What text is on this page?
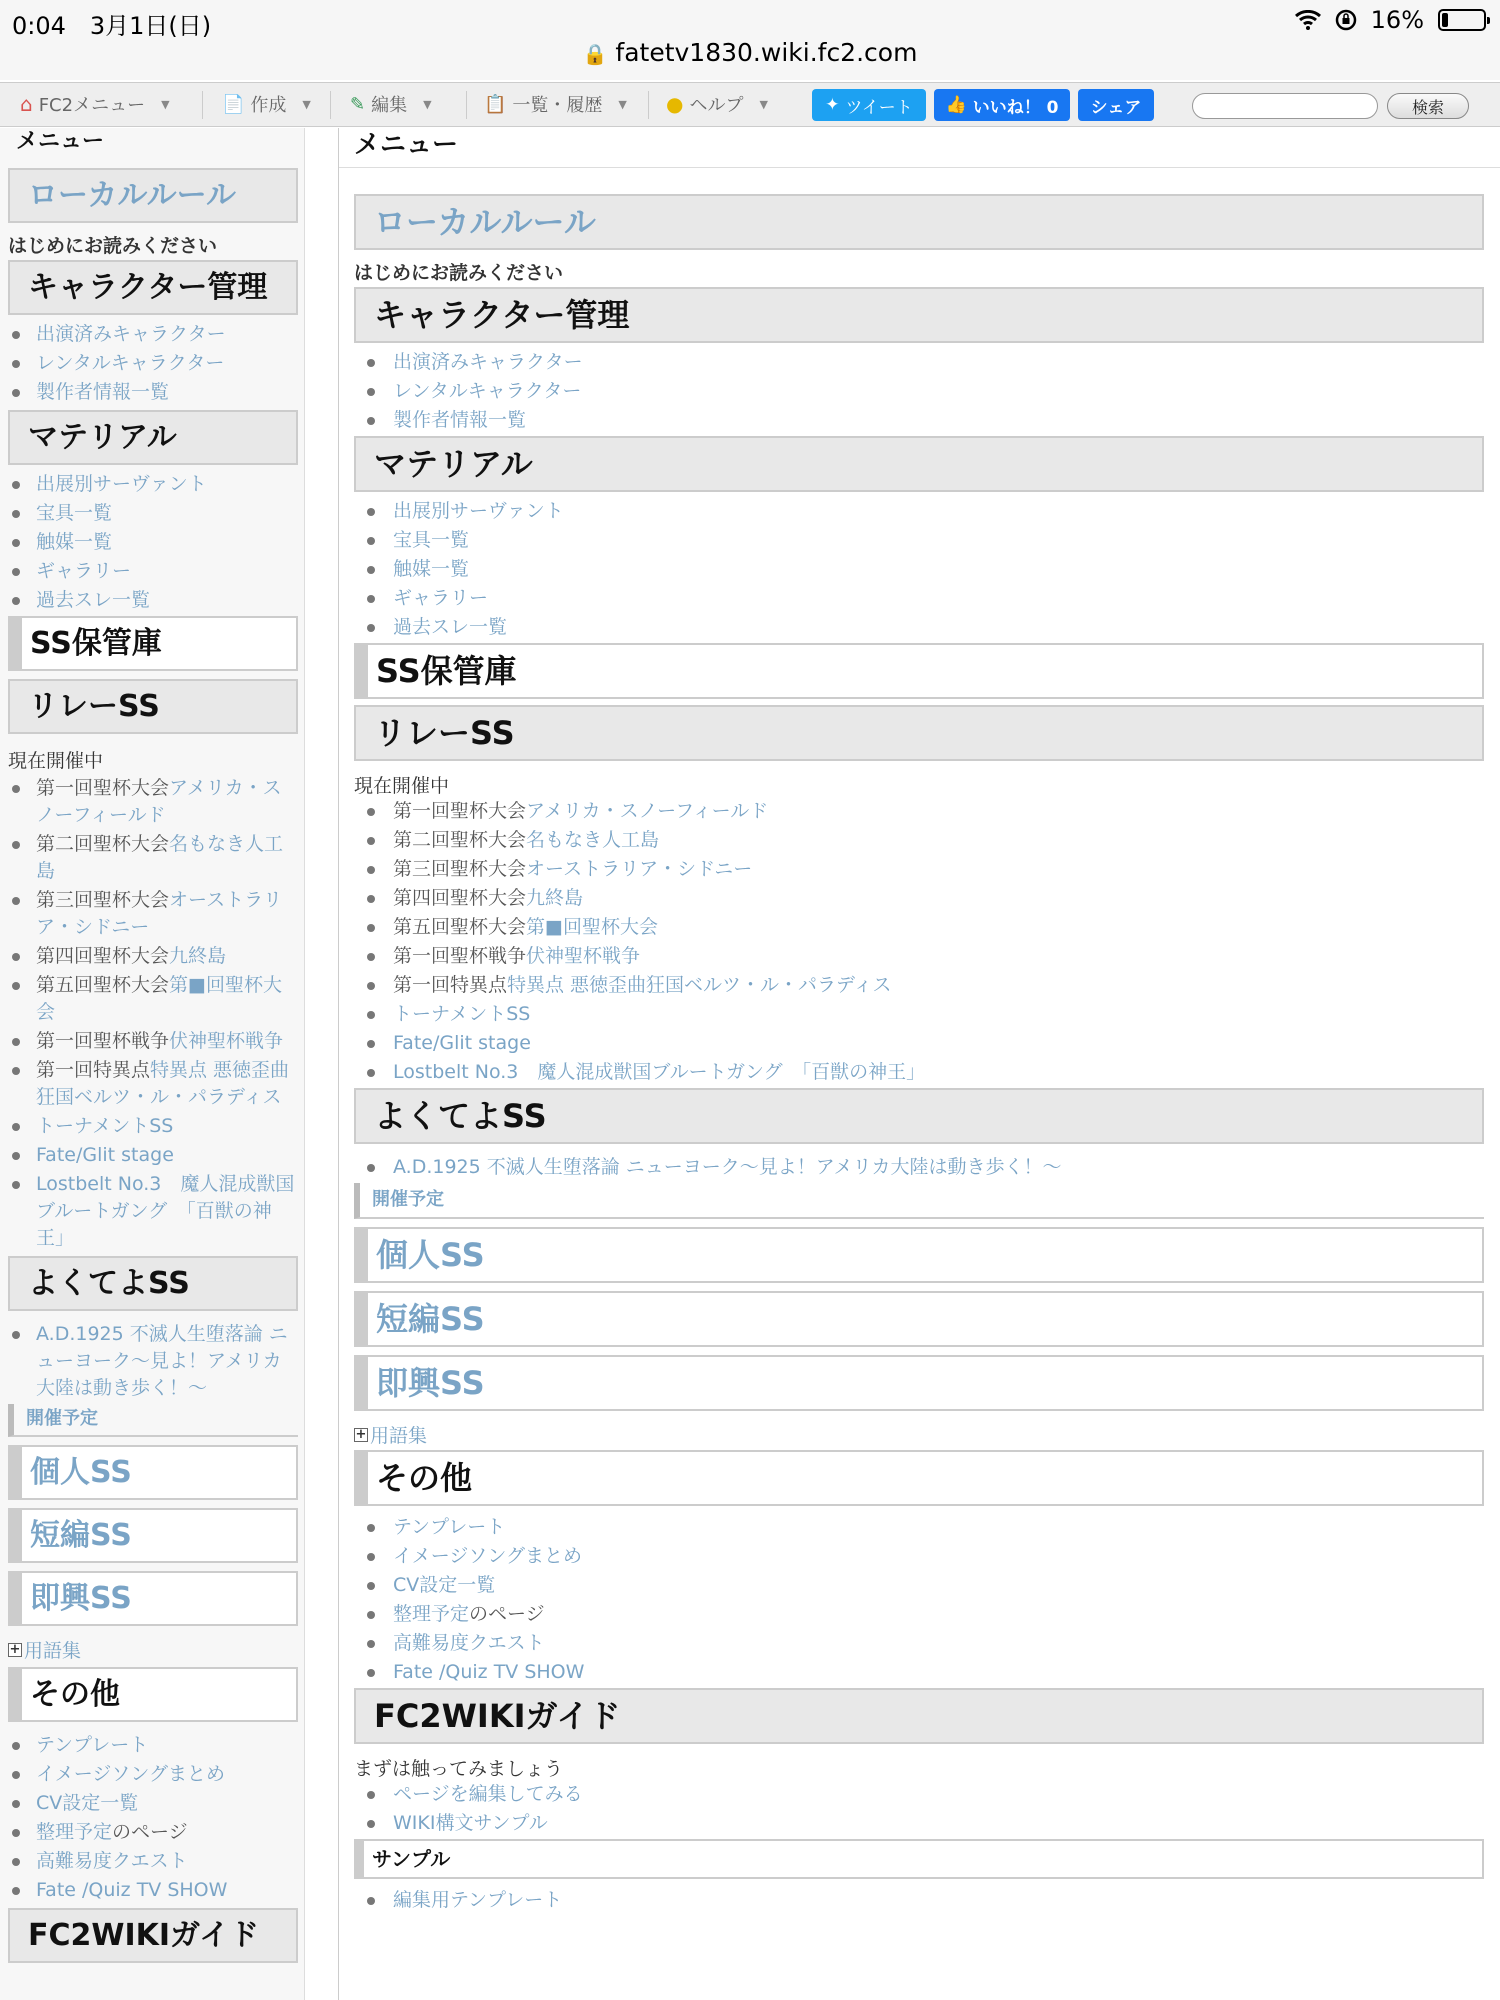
0:04　3月1日(日)
🔒 fatetv1830.wiki.fc2.com
16%
⌂ FC2メニュー ▼	📄 作成 ▼ ✎ 編集 ▼	📋 一覧・履歴 ▼ ● ヘルプ ▼	✦ ツイート 👍 いいね！ 0 シェア	検索
メニュー
ローカルルール
はじめにお読みください
キャラクター管理
出演済みキャラクター
レンタルキャラクター
製作者情報一覧
マテリアル
出展別サーヴァント
宝具一覧
触媒一覧
ギャラリー
過去スレ一覧
SS保管庫
リレーSS
現在開催中
第一回聖杯大会アメリカ・スノーフィールド
第二回聖杯大会名もなき人工島
第三回聖杯大会オーストラリア・シドニー
第四回聖杯大会九終島
第五回聖杯大会第■回聖杯大会
第一回聖杯戦争伏神聖杯戦争
第一回特異点特異点 悪徳歪曲狂国ベルツ・ル・パラディス
トーナメントSS
Fate/Glit stage
Lostbelt No.3　魔人混成獣国ブルートガング　「百獣の神王」
よくてよSS
A.D.1925 不滅人生堕落論 ニューヨーク〜見よ！アメリカ大陸は動き歩く！〜
開催予定
個人SS
短編SS
即興SS
+ 用語集
その他
テンプレート
イメージソングまとめ
CV設定一覧
整理予定のページ
高難易度クエスト
Fate /Quiz TV SHOW
FC2WIKIガイド
メニュー
ローカルルール
はじめにお読みください
キャラクター管理
出演済みキャラクター
レンタルキャラクター
製作者情報一覧
マテリアル
出展別サーヴァント
宝具一覧
触媒一覧
ギャラリー
過去スレ一覧
SS保管庫
リレーSS
現在開催中
第一回聖杯大会アメリカ・スノーフィールド
第二回聖杯大会名もなき人工島
第三回聖杯大会オーストラリア・シドニー
第四回聖杯大会九終島
第五回聖杯大会第■回聖杯大会
第一回聖杯戦争伏神聖杯戦争
第一回特異点特異点 悪徳歪曲狂国ベルツ・ル・パラディス
トーナメントSS
Fate/Glit stage
Lostbelt No.3　魔人混成獣国ブルートガング　「百獣の神王」
よくてよSS
A.D.1925 不滅人生堕落論 ニューヨーク〜見よ！アメリカ大陸は動き歩く！〜
開催予定
個人SS
短編SS
即興SS
+ 用語集
その他
テンプレート
イメージソングまとめ
CV設定一覧
整理予定のページ
高難易度クエスト
Fate /Quiz TV SHOW
FC2WIKIガイド
まずは触ってみましょう
ページを編集してみる
WIKI構文サンプル
サンプル
編集用テンプレート
